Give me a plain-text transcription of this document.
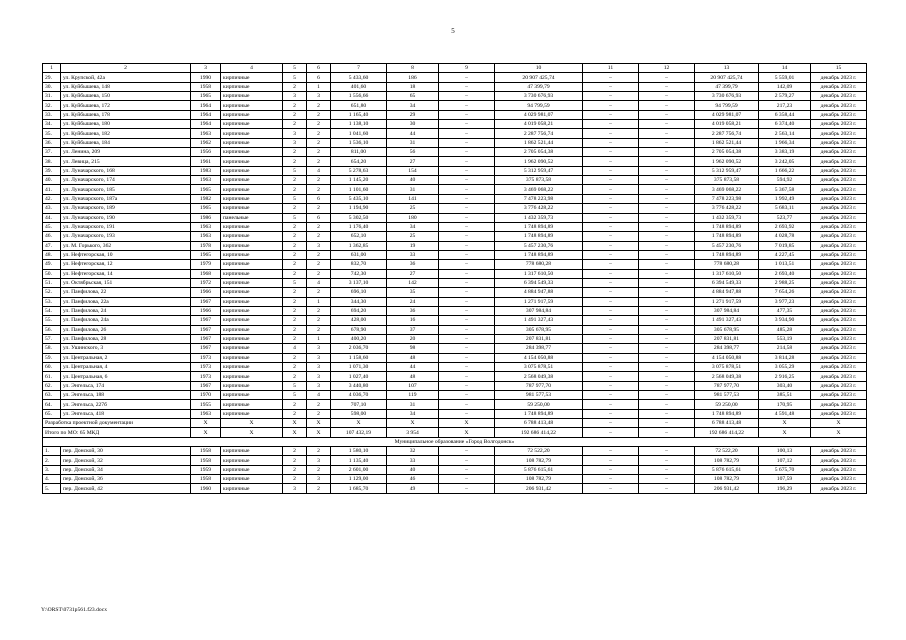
5
1	2	3	4	5	6	7	8	9	10	11	12	13	14	15
29.	ул. Крупской, 42а	1990	кирпичные	5	6	5 433,60	186	–	20 907 425,74	–	–	20 907 425,74	5 559,01	декабрь 2023 г.
30.	ул. Куйбышева, 148	1958	кирпичные	2	1	401,60	18	–	47 399,79	–	–	47 399,79	142,09	декабрь 2023 г.
31.	ул. Куйбышева, 150	1965	кирпичные	3	3	1 556,66	65	–	3 730 676,93	–	–	3 730 676,93	2 579,27	декабрь 2023 г.
32.	ул. Куйбышева, 172	1964	кирпичные	2	2	651,80	34	–	94 799,59	–	–	94 799,59	217,23	декабрь 2023 г.
33.	ул. Куйбышева, 178	1964	кирпичные	2	2	1 165,40	29	–	4 029 981,07	–	–	4 029 981,07	6 358,44	декабрь 2023 г.
34.	ул. Куйбышева, 180	1964	кирпичные	2	2	1 138,10	30	–	4 019 058,21	–	–	4 019 058,21	6 374,40	декабрь 2023 г.
35.	ул. Куйбышева, 182	1963	кирпичные	3	2	1 041,60	44	–	2 287 756,74	–	–	2 287 756,74	2 563,14	декабрь 2023 г.
36.	ул. Куйбышева, 184	1962	кирпичные	3	2	1 536,10	31	–	1 862 521,44	–	–	1 862 521,44	1 966,34	декабрь 2023 г.
37.	ул. Ленина, 209	1956	кирпичные	2	2	811,00	56	–	2 705 054,38	–	–	2 705 054,38	3 383,19	декабрь 2023 г.
38.	ул. Левица, 215	1961	кирпичные	2	2	654,20	27	–	1 962 090,52	–	–	1 962 090,52	3 242,05	декабрь 2023 г.
39.	ул. Луначарского, 168	1983	кирпичные	5	4	5 278,63	154	–	5 312 959,47	–	–	5 312 959,47	1 666,22	декабрь 2023 г.
40.	ул. Луначарского, 174	1963	кирпичные	2	2	1 145,20	40	–	375 873,58	–	–	375 873,58	594,92	декабрь 2023 г.
41.	ул. Луначарского, 185	1965	кирпичные	2	2	1 101,60	31	–	3 469 068,22	–	–	3 469 068,22	5 367,58	декабрь 2023 г.
42.	ул. Луначарского, 187а	1982	кирпичные	5	6	5 435,10	141	–	7 478 223,98	–	–	7 478 223,98	1 992,49	декабрь 2023 г.
43.	ул. Луначарского, 189	1965	кирпичные	2	2	1 194,90	25	–	3 776 428,22	–	–	3 776 428,22	5 683,11	декабрь 2023 г.
44.	ул. Луначарского, 190	1986	панельные	5	6	5 302,50	180	–	1 432 359,73	–	–	1 432 359,73	523,77	декабрь 2023 г.
45.	ул. Луначарского, 191	1963	кирпичные	2	2	1 176,40	34	–	1 748 894,89	–	–	1 748 894,89	2 693,92	декабрь 2023 г.
46.	ул. Луначарского, 193	1963	кирпичные	2	2	652,10	25	–	1 748 894,89	–	–	1 748 894,89	4 028,78	декабрь 2023 г.
47.	ул. М. Горького, 362	1978	кирпичные	2	3	1 362,85	19	–	5 457 230,76	–	–	5 457 230,76	7 019,85	декабрь 2023 г.
48.	ул. Нефтегорская, 10	1965	кирпичные	2	2	631,00	33	–	1 748 894,89	–	–	1 748 894,89	4 227,45	декабрь 2023 г.
49.	ул. Нефтегорская, 12	1979	кирпичные	2	2	832,70	36	–	778 680,28	–	–	778 680,28	1 013,51	декабрь 2023 г.
50.	ул. Нефтегорская, 14	1968	кирпичные	2	2	742,30	27	–	1 317 610,50	–	–	1 317 610,50	2 693,40	декабрь 2023 г.
51.	ул. Октябрьская, 151	1972	кирпичные	5	4	3 137,10	142	–	6 394 549,33	–	–	6 394 549,33	2 988,25	декабрь 2023 г.
52.	ул. Панфилова, 22	1966	кирпичные	2	2	696,10	35	–	4 884 947,88	–	–	4 884 947,88	7 654,26	декабрь 2023 г.
53.	ул. Панфилова, 22а	1967	кирпичные	2	1	344,30	24	–	1 271 917,59	–	–	1 271 917,59	3 977,23	декабрь 2023 г.
54.	ул. Панфилова, 24	1966	кирпичные	2	2	694,20	36	–	307 984,84	–	–	307 984,84	477,35	декабрь 2023 г.
55.	ул. Панфилова, 24а	1967	кирпичные	2	2	428,00	16	–	1 491 327,43	–	–	1 491 327,43	3 934,90	декабрь 2023 г.
56.	ул. Панфилова, 26	1967	кирпичные	2	2	678,90	37	–	305 678,95	–	–	305 678,95	485,28	декабрь 2023 г.
57.	ул. Панфилова, 28	1967	кирпичные	2	1	400,20	20	–	207 831,81	–	–	207 831,81	553,19	декабрь 2023 г.
58.	ул. Ушинского, 3	1967	кирпичные	4	3	2 036,70	98	–	284 398,77	–	–	284 398,77	214,58	декабрь 2023 г.
59.	ул. Центральная, 2	1973	кирпичные	2	3	1 158,60	48	–	4 154 050,88	–	–	4 154 050,88	3 814,28	декабрь 2023 г.
60.	ул. Центральная, 4	1973	кирпичные	2	3	1 071,30	44	–	3 075 878,51	–	–	3 075 878,51	3 055,29	декабрь 2023 г.
61.	ул. Центральная, 6	1973	кирпичные	2	3	1 027,40	48	–	2 568 049,38	–	–	2 568 049,38	2 916,25	декабрь 2023 г.
62.	ул. Энгельса, 174	1967	кирпичные	5	3	3 440,80	107	–	787 977,70	–	–	787 977,70	303,40	декабрь 2023 г.
63.	ул. Энгельса, 188	1970	кирпичные	5	4	4 036,70	119	–	981 577,53	–	–	981 577,53	385,51	декабрь 2023 г.
64.	ул. Энгельса, 227б	1955	кирпичные	2	2	707,10	31	–	59 250,00	–	–	59 250,00	170,95	декабрь 2023 г.
65.	ул. Энгельса, 418	1963	кирпичные	2	2	598,00	34	–	1 748 894,89	–	–	1 748 894,89	4 591,48	декабрь 2023 г.
Разработка проектной документации		X	X	X	X	X	X	X	6 788 413,48	–	–	6 788 413,48	X	X
Итого по МО: 65 МКД		X	X	X	X	107 432,19	3 954	X	192 686 414,22	–	–	192 686 414,22	X	X
Муниципальное образование «Город Волгодонск»														
1.	пер. Донской, 30	1958	кирпичные	2	2	1 580,10	32	–	72 522,20	–	–	72 522,20	100,13	декабрь 2023 г.
2.	пер. Донской, 32	1958	кирпичные	2	3	1 135,40	33	–	108 782,79	–	–	108 782,79	107,12	декабрь 2023 г.
3.	пер. Донской, 34	1959	кирпичные	2	2	2 601,00	40	–	5 876 615,61	–	–	5 876 615,61	5 675,70	декабрь 2023 г.
4.	пер. Донской, 36	1958	кирпичные	2	3	1 129,00	46	–	108 782,79	–	–	108 782,79	107,59	декабрь 2023 г.
5.	пер. Донской, 42	1960	кирпичные	3	2	1 685,70	49	–	206 931,42	–	–	206 931,42	196,29	декабрь 2023 г.
Y:\ORST\0731p561.f23.docx
